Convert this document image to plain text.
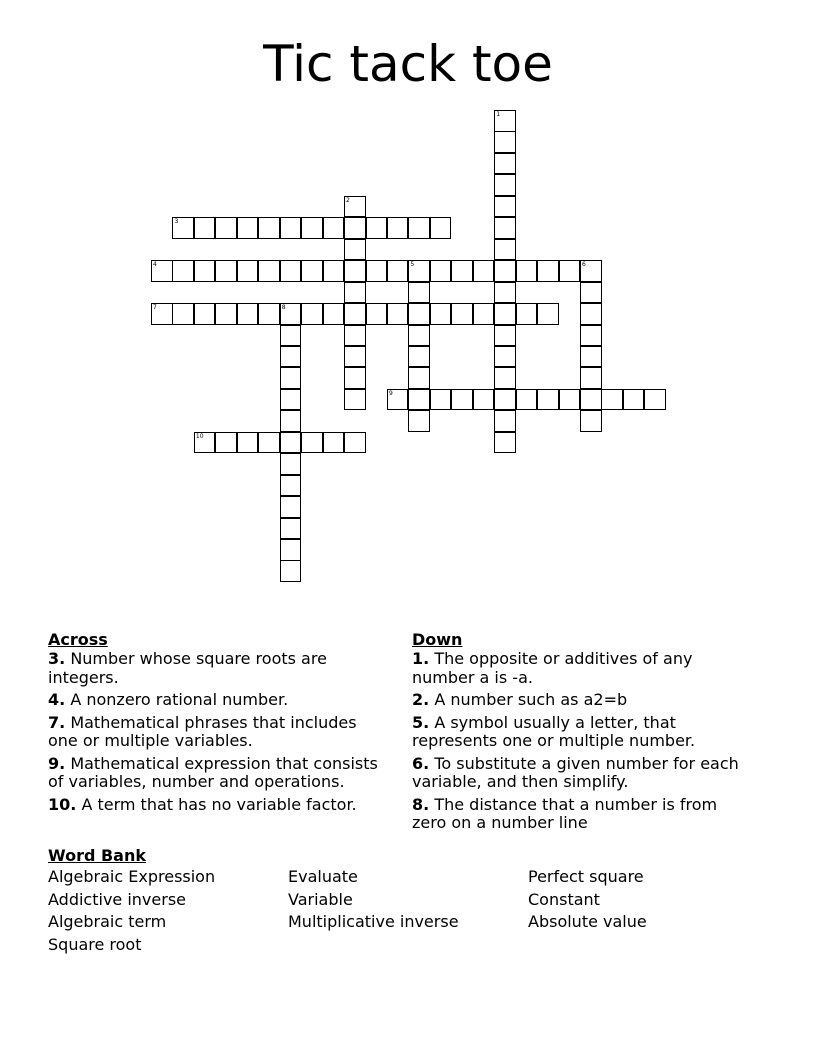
Tic tack toe
1
2
3
4	5	6
7	8
9
10
Across
3. Number whose square roots are integers.
4. A nonzero rational number.
7. Mathematical phrases that includes one or multiple variables.
9. Mathematical expression that consists of variables, number and operations.
10. A term that has no variable factor.
Down
1. The opposite or additives of any number a is -a.
2. A number such as a2=b
5. A symbol usually a letter, that represents one or multiple number.
6. To substitute a given number for each variable, and then simplify.
8. The distance that a number is from zero on a number line
Word Bank
Algebraic Expression	Evaluate	Perfect square
Addictive inverse	Variable	Constant
Algebraic term	Multiplicative inverse	Absolute value
Square root
